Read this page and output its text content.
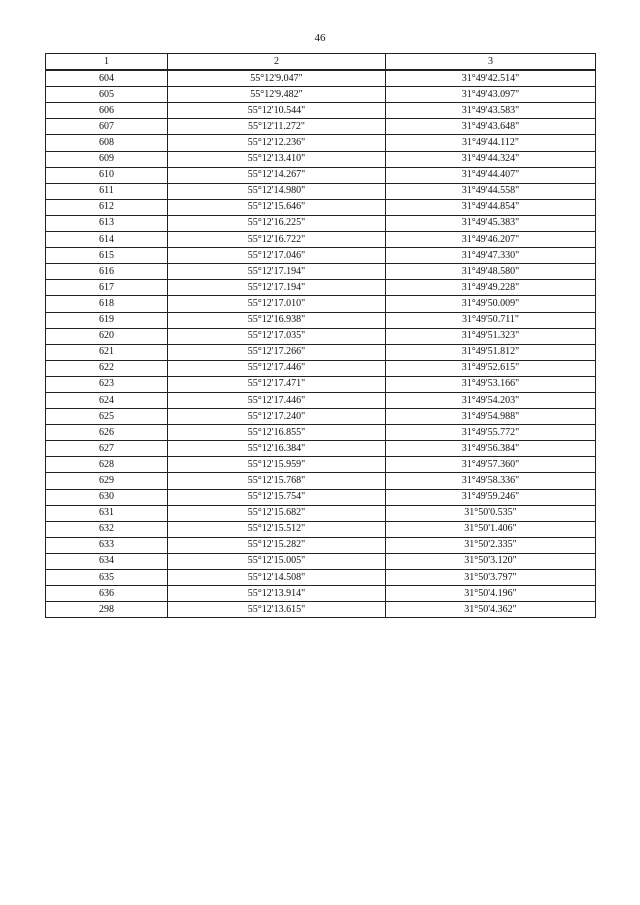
46
1	2	3
604	55°12'9.047"	31°49'42.514"
605	55°12'9.482"	31°49'43.097"
606	55°12'10.544"	31°49'43.583"
607	55°12'11.272"	31°49'43.648"
608	55°12'12.236"	31°49'44.112"
609	55°12'13.410"	31°49'44.324"
610	55°12'14.267"	31°49'44.407"
611	55°12'14.980"	31°49'44.558"
612	55°12'15.646"	31°49'44.854"
613	55°12'16.225"	31°49'45.383"
614	55°12'16.722"	31°49'46.207"
615	55°12'17.046"	31°49'47.330"
616	55°12'17.194"	31°49'48.580"
617	55°12'17.194"	31°49'49.228"
618	55°12'17.010"	31°49'50.009"
619	55°12'16.938"	31°49'50.711"
620	55°12'17.035"	31°49'51.323"
621	55°12'17.266"	31°49'51.812"
622	55°12'17.446"	31°49'52.615"
623	55°12'17.471"	31°49'53.166"
624	55°12'17.446"	31°49'54.203"
625	55°12'17.240"	31°49'54.988"
626	55°12'16.855"	31°49'55.772"
627	55°12'16.384"	31°49'56.384"
628	55°12'15.959"	31°49'57.360"
629	55°12'15.768"	31°49'58.336"
630	55°12'15.754"	31°49'59.246"
631	55°12'15.682"	31°50'0.535"
632	55°12'15.512"	31°50'1.406"
633	55°12'15.282"	31°50'2.335"
634	55°12'15.005"	31°50'3.120"
635	55°12'14.508"	31°50'3.797"
636	55°12'13.914"	31°50'4.196"
298	55°12'13.615"	31°50'4.362"
